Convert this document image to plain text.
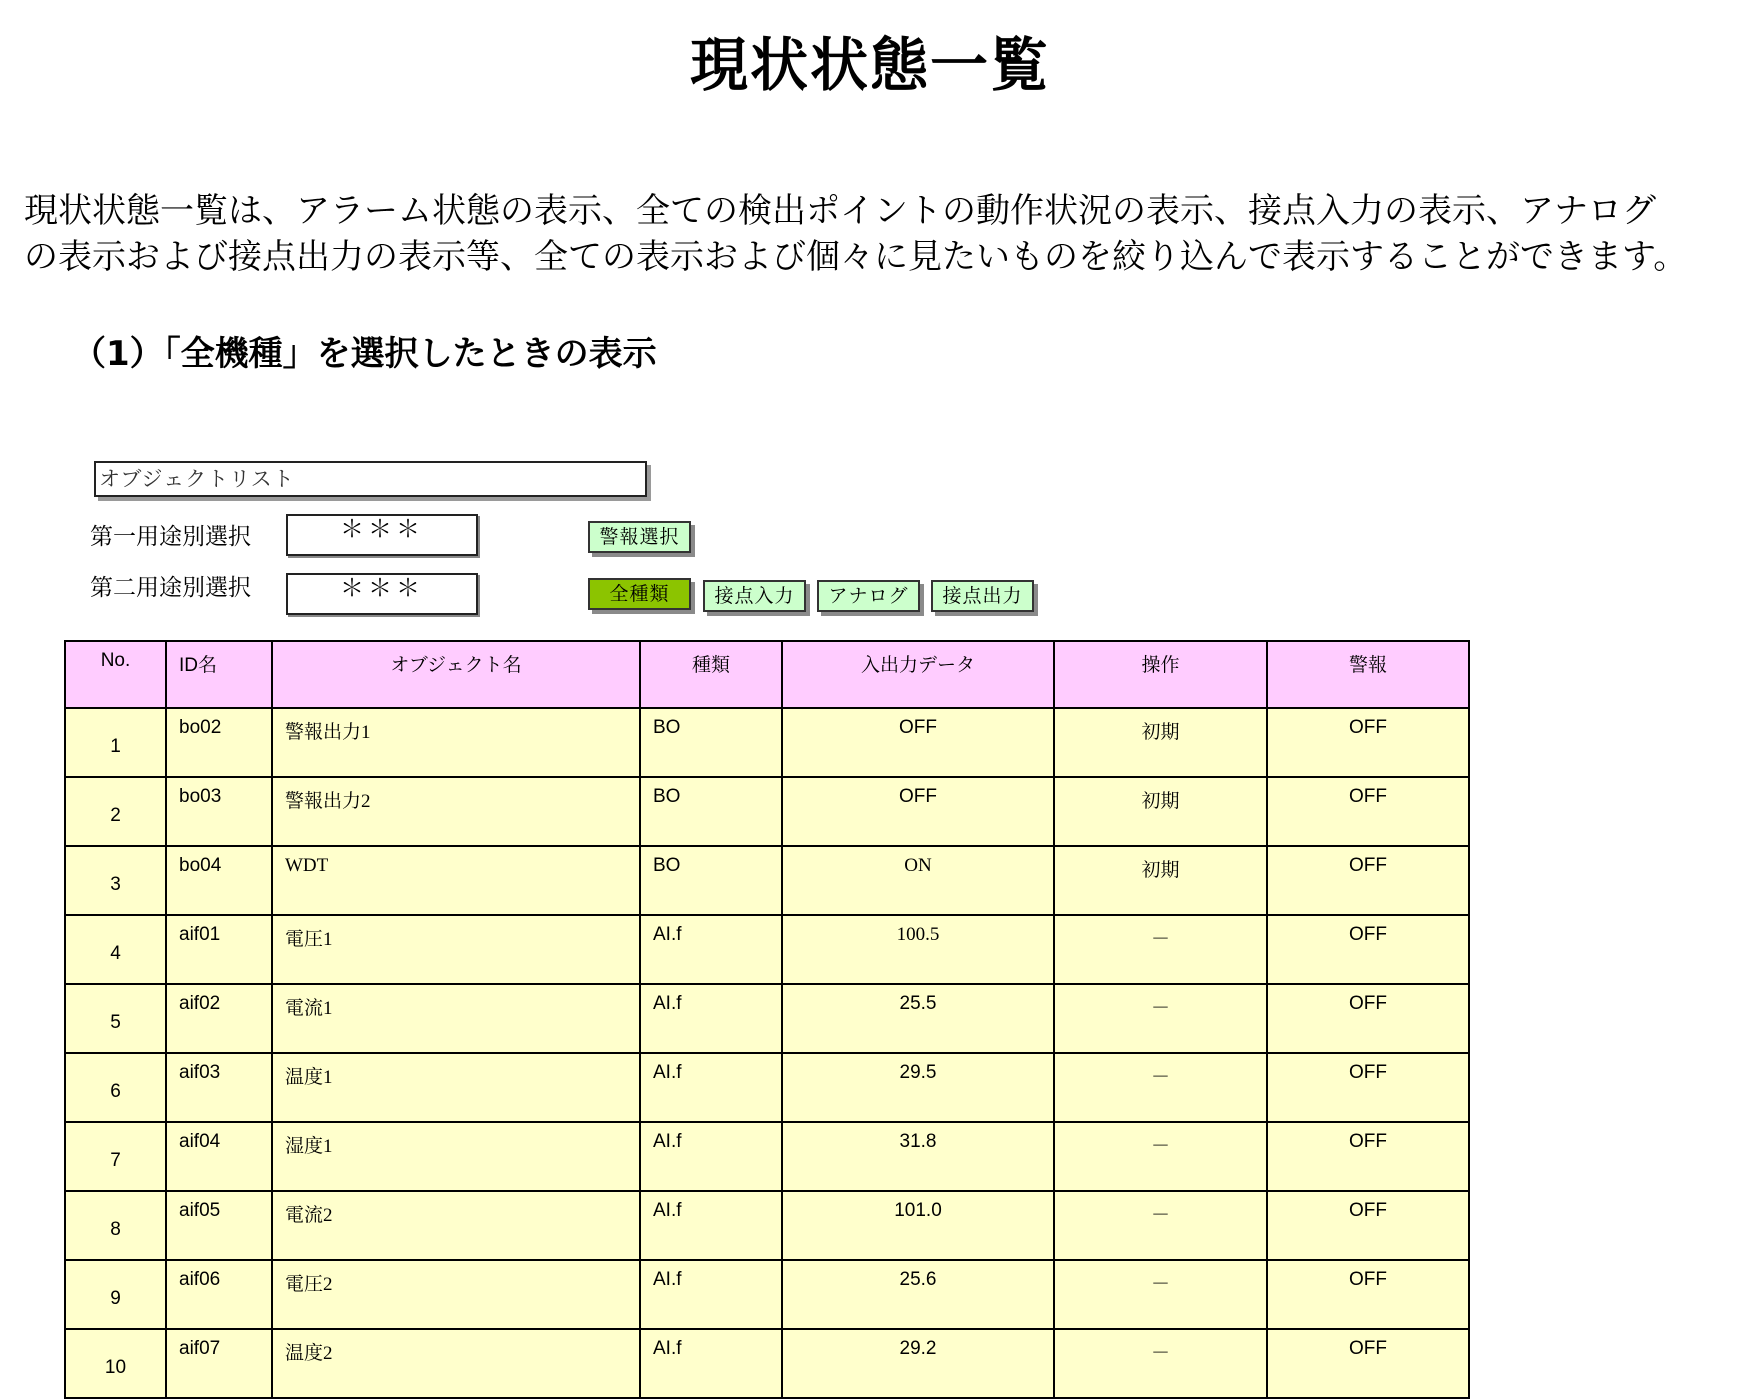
現状状態一覧
現状状態一覧は、アラーム状態の表示、全ての検出ポイントの動作状況の表示、接点入力の表示、アナログ
の表示および接点出力の表示等、全ての表示および個々に見たいものを絞り込んで表示することができます。
（1）「全機種」を選択したときの表示
オブジェクトリスト
第一用途別選択	＊＊＊
第二用途別選択	＊＊＊
警報選択
全種類	接点入力	アナログ	接点出力
No.	ID名	オブジェクト名	種類	入出力データ	操作	警報
1	bo02	警報出力1	BO	OFF	初期	OFF
2	bo03	警報出力2	BO	OFF	初期	OFF
3	bo04	WDT	BO	ON	初期	OFF
4	aif01	電圧1	AI.f	100.5	－	OFF
5	aif02	電流1	AI.f	25.5	－	OFF
6	aif03	温度1	AI.f	29.5	－	OFF
7	aif04	湿度1	AI.f	31.8	－	OFF
8	aif05	電流2	AI.f	101.0	－	OFF
9	aif06	電圧2	AI.f	25.6	－	OFF
10	aif07	温度2	AI.f	29.2	－	OFF
